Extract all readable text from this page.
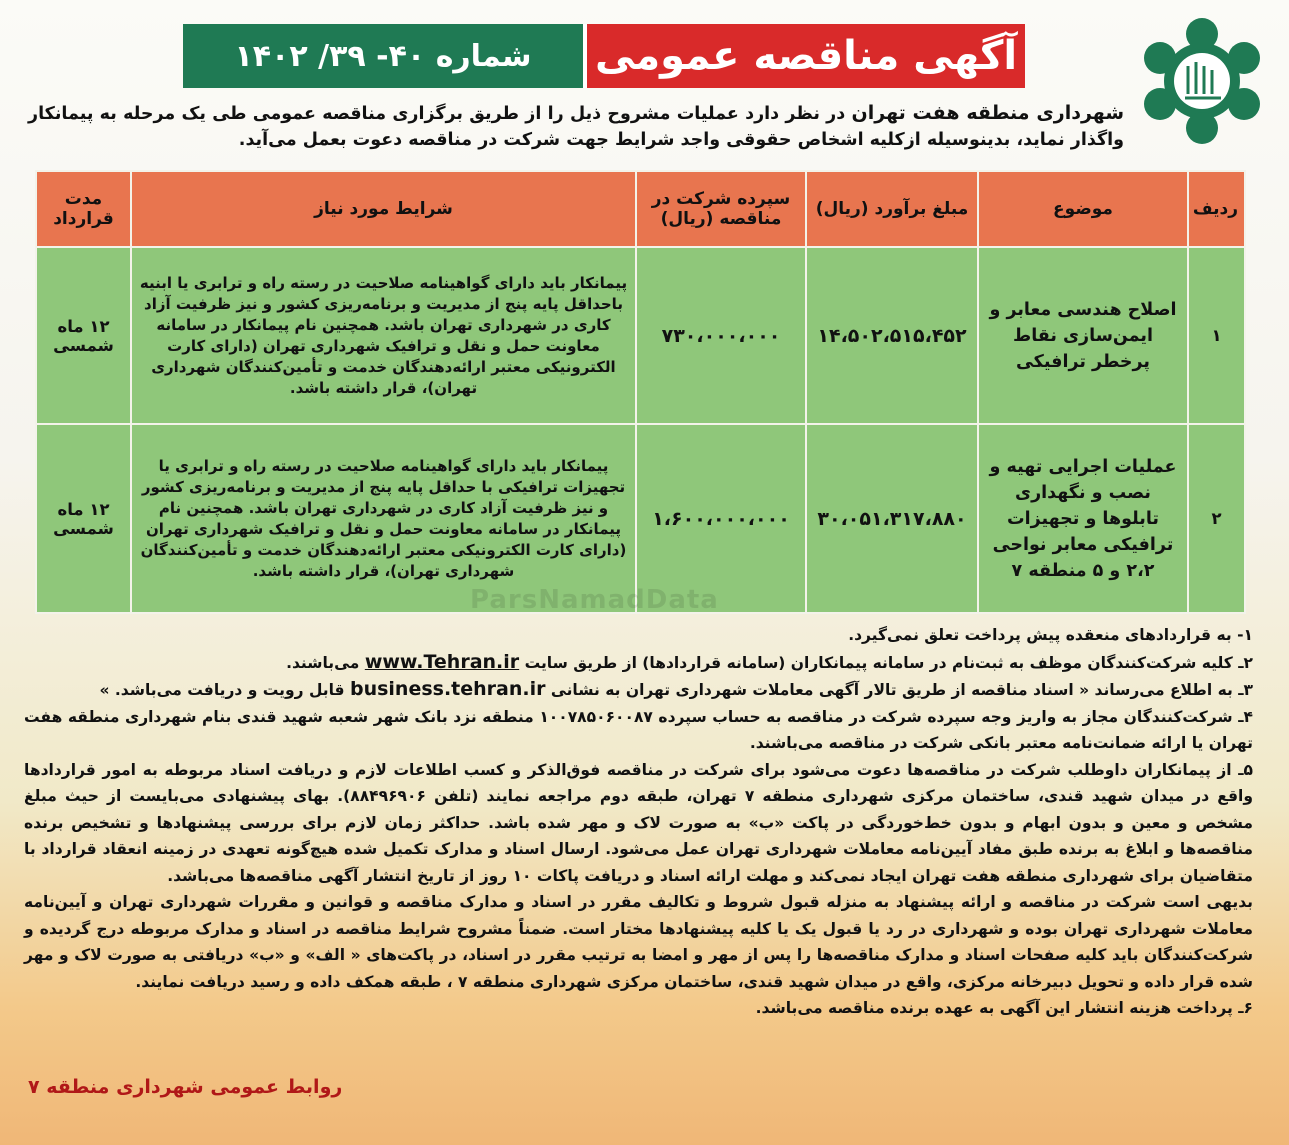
شماره ۴۰- ۳۹/ ۱۴۰۲	آگهی مناقصه عمومی
شهرداری منطقه هفت تهران در نظر دارد عملیات مشروح ذیل را از طریق برگزاری مناقصه عمومی طی یک مرحله به پیمانکار واگذار نماید، بدینوسیله ازکلیه اشخاص حقوقی واجد شرایط جهت شرکت در مناقصه دعوت بعمل می‌آید.
ردیف	موضوع	مبلغ برآورد (ریال)	سپرده شرکت در مناقصه (ریال)	شرایط مورد نیاز	مدت قرارداد
۱	اصلاح هندسی معابر و ایمن‌سازی نقاط پرخطر ترافیکی	۱۴،۵۰۲،۵۱۵،۴۵۲	۷۳۰،۰۰۰،۰۰۰	پیمانکار باید دارای گواهینامه صلاحیت در رسته راه و ترابری یا ابنیه باحداقل پایه پنج از مدیریت و برنامه‌ریزی کشور و نیز ظرفیت آزاد کاری در شهرداری تهران باشد. همچنین نام پیمانکار در سامانه معاونت حمل و نقل و ترافیک شهرداری تهران (دارای کارت الکترونیکی معتبر ارائه‌دهندگان خدمت و تأمین‌کنندگان شهرداری تهران)، قرار داشته باشد.	۱۲ ماه شمسی
۲	عملیات اجرایی تهیه و نصب و نگهداری تابلوها و تجهیزات ترافیکی معابر نواحی ۲،۲ و ۵ منطقه ۷	۳۰،۰۵۱،۳۱۷،۸۸۰	۱،۶۰۰،۰۰۰،۰۰۰	پیمانکار باید دارای گواهینامه صلاحیت در رسته راه و ترابری یا تجهیزات ترافیکی با حداقل پایه پنج از مدیریت و برنامه‌ریزی کشور و نیز ظرفیت آزاد کاری در شهرداری تهران باشد. همچنین نام پیمانکار در سامانه معاونت حمل و نقل و ترافیک شهرداری تهران (دارای کارت الکترونیکی معتبر ارائه‌دهندگان خدمت و تأمین‌کنندگان شهرداری تهران)، قرار داشته باشد.	۱۲ ماه شمسی
ParsNamadData

۱- به قراردادهای منعقده پیش پرداخت تعلق نمی‌گیرد.

۲ـ کلیه شرکت‌کنندگان موظف به ثبت‌نام در سامانه پیمانکاران (سامانه قراردادها) از طریق سایت www.Tehran.ir می‌باشند.

۳ـ به اطلاع می‌رساند « اسناد مناقصه از طریق تالار آگهی معاملات شهرداری تهران به نشانی business.tehran.ir قابل رویت و دریافت می‌باشد. »

۴ـ شرکت‌کنندگان مجاز به واریز وجه سپرده شرکت در مناقصه به حساب سپرده ۱۰۰۷۸۵۰۶۰۰۸۷ منطقه نزد بانک شهر شعبه شهید قندی بنام شهرداری منطقه هفت تهران یا ارائه ضمانت‌نامه معتبر بانکی شرکت در مناقصه می‌باشند.

۵ـ از پیمانکاران داوطلب شرکت در مناقصه‌ها دعوت می‌شود برای شرکت در مناقصه فوق‌الذکر و کسب اطلاعات لازم و دریافت اسناد مربوطه به امور قراردادها واقع در میدان شهید قندی، ساختمان مرکزی شهرداری منطقه ۷ تهران، طبقه دوم مراجعه نمایند (تلفن ۸۸۴۹۶۹۰۶). بهای پیشنهادی می‌بایست از حیث مبلغ مشخص و معین و بدون ابهام و بدون خط‌خوردگی در پاکت «ب» به صورت لاک و مهر شده باشد. حداکثر زمان لازم برای بررسی پیشنهادها و تشخیص برنده مناقصه‌ها و ابلاغ به برنده طبق مفاد آیین‌نامه معاملات شهرداری تهران عمل می‌شود. ارسال اسناد و مدارک تکمیل شده هیچ‌گونه تعهدی در زمینه انعقاد قرارداد با متقاضیان برای شهرداری منطقه هفت تهران ایجاد نمی‌کند و مهلت ارائه اسناد و دریافت پاکات ۱۰ روز از تاریخ انتشار آگهی مناقصه‌ها می‌باشد.

بدیهی است شرکت در مناقصه و ارائه پیشنهاد به منزله قبول شروط و تکالیف مقرر در اسناد و مدارک مناقصه و قوانین و مقررات شهرداری تهران و آیین‌نامه معاملات شهرداری تهران بوده و شهرداری در رد یا قبول یک یا کلیه پیشنهادها مختار است. ضمناً مشروح شرایط مناقصه در اسناد و مدارک مربوطه درج گردیده و شرکت‌کنندگان باید کلیه صفحات اسناد و مدارک مناقصه‌ها را پس از مهر و امضا به ترتیب مقرر در اسناد، در پاکت‌های « الف» و «ب» دریافتی به صورت لاک و مهر شده قرار داده و تحویل دبیرخانه مرکزی، واقع در میدان شهید قندی، ساختمان مرکزی شهرداری منطقه ۷ ، طبقه همکف داده و رسید دریافت نمایند.

۶ـ پرداخت هزینه انتشار این آگهی به عهده برنده مناقصه می‌باشد.

روابط عمومی شهرداری منطقه ۷
